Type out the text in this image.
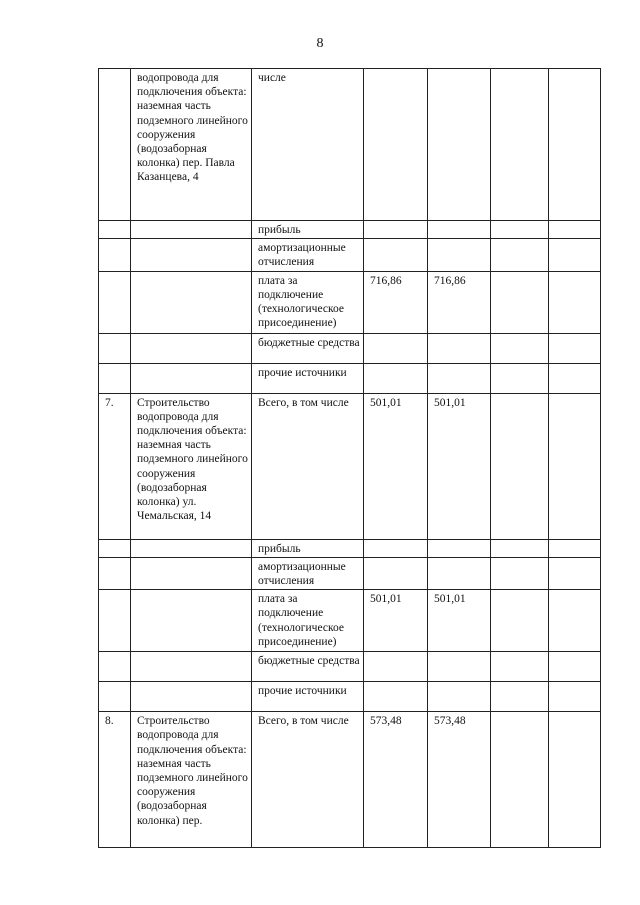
8
	водопровода для подключения объекта: наземная часть подземного линейного сооружения (водозаборная колонка) пер. Павла Казанцева, 4	числе				
		прибыль				
		амортизационные отчисления				
		плата за подключение (технологическое присоединение)	716,86	716,86		
		бюджетные средства				
		прочие источники				
7.	Строительство водопровода для подключения объекта: наземная часть подземного линейного сооружения (водозаборная колонка) ул. Чемальская, 14	Всего, в том числе	501,01	501,01		
		прибыль				
		амортизационные отчисления				
		плата за подключение (технологическое присоединение)	501,01	501,01		
		бюджетные средства				
		прочие источники				
8.	Строительство водопровода для подключения объекта: наземная часть подземного линейного сооружения (водозаборная колонка) пер.	Всего, в том числе	573,48	573,48		
